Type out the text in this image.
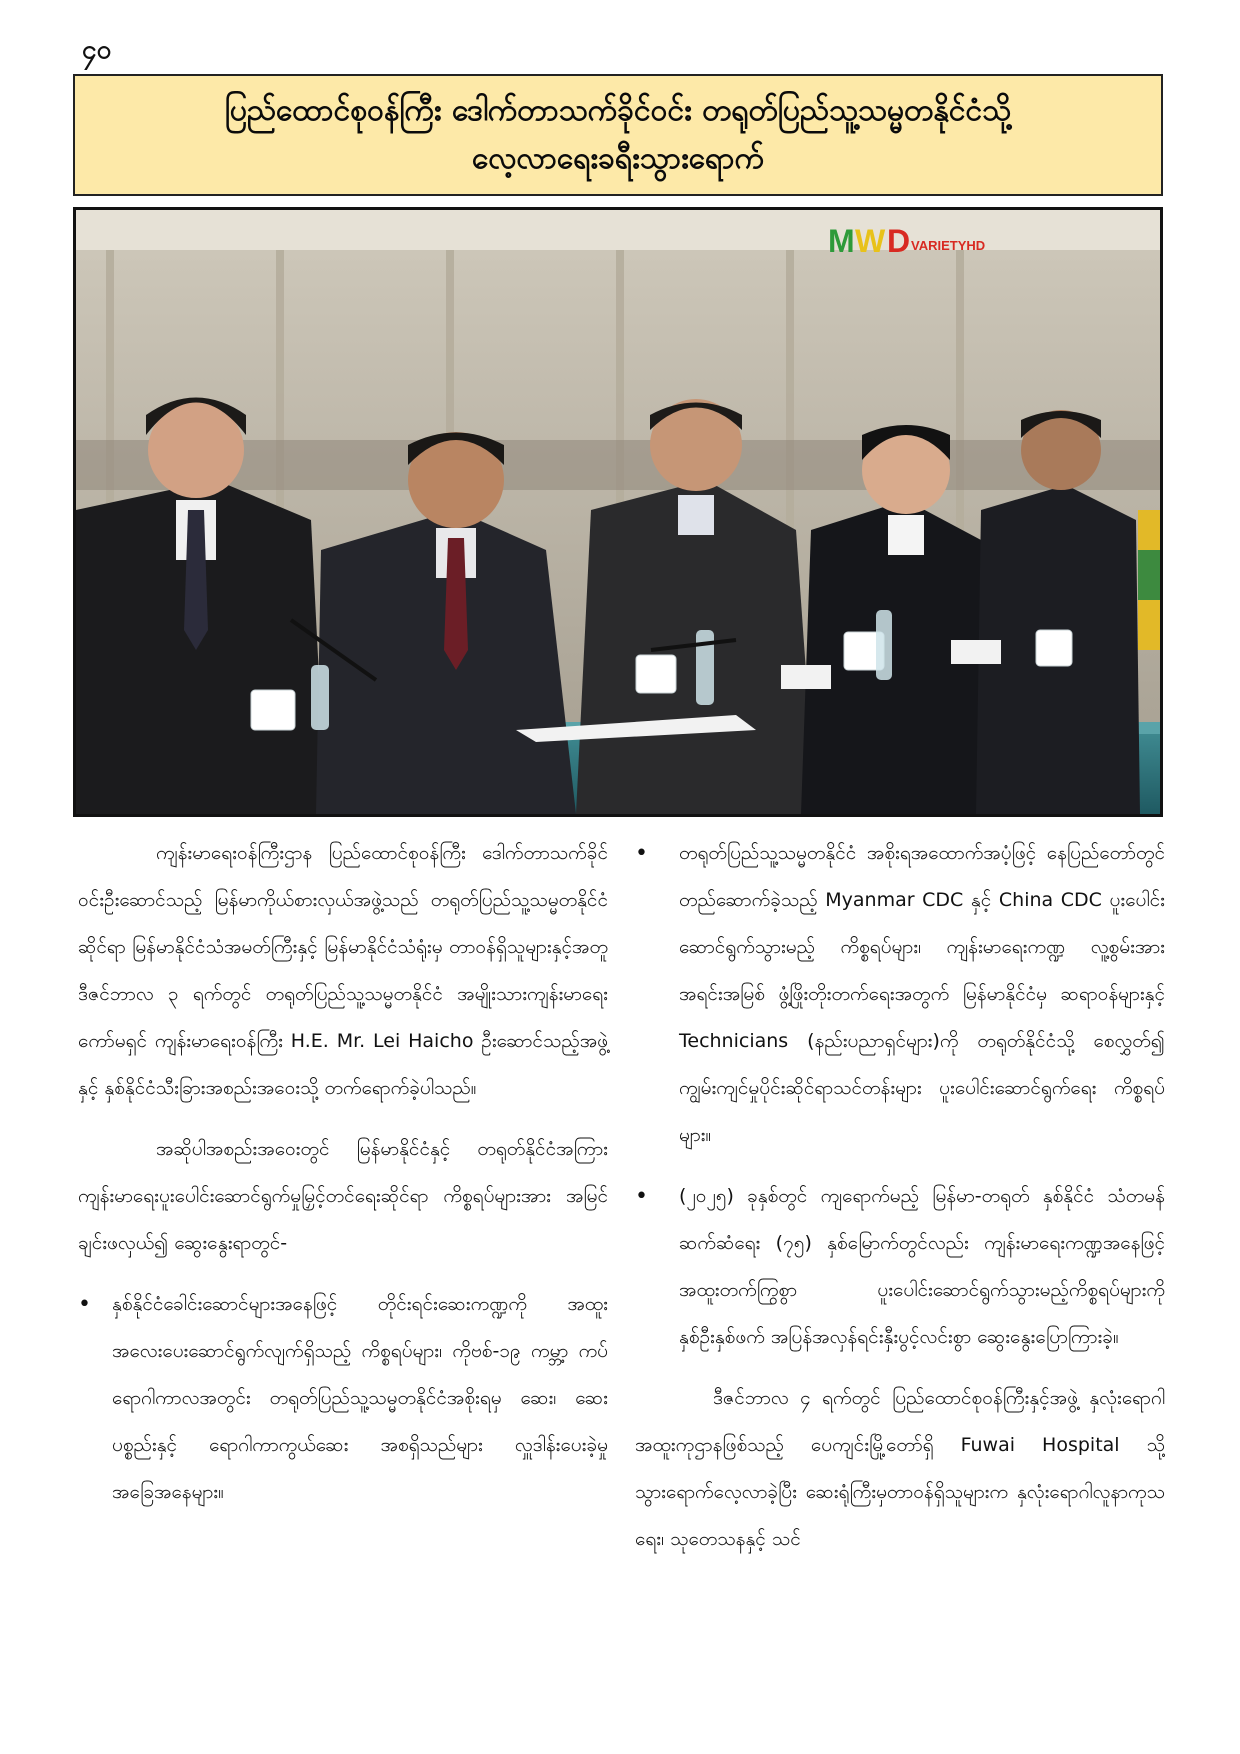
၄၀
ပြည်ထောင်စုဝန်ကြီး ဒေါက်တာသက်ခိုင်ဝင်း တရုတ်ပြည်သူ့သမ္မတနိုင်ငံသို့
လေ့လာရေးခရီးသွားရောက်
M W D VARIETYHD

ကျန်းမာရေးဝန်ကြီးဌာန ပြည်ထောင်စုဝန်ကြီး ဒေါက်တာသက်ခိုင်ဝင်းဦးဆောင်သည့် မြန်မာကိုယ်စားလှယ်အဖွဲ့သည် တရုတ်ပြည်သူ့သမ္မတနိုင်ငံဆိုင်ရာ မြန်မာနိုင်ငံသံအမတ်ကြီးနှင့် မြန်မာနိုင်ငံသံရုံးမှ တာဝန်ရှိသူများနှင့်အတူ ဒီဇင်ဘာလ ၃ ရက်တွင် တရုတ်ပြည်သူ့သမ္မတနိုင်ငံ အမျိုးသားကျန်းမာရေးကော်မရှင် ကျန်းမာရေးဝန်ကြီး H.E. Mr. Lei Haicho ဦးဆောင်သည့်အဖွဲ့နှင့် နှစ်နိုင်ငံသီးခြားအစည်းအဝေးသို့ တက်ရောက်ခဲ့ပါသည်။

အဆိုပါအစည်းအဝေးတွင် မြန်မာနိုင်ငံနှင့် တရုတ်နိုင်ငံအကြား ကျန်းမာရေးပူးပေါင်းဆောင်ရွက်မှုမြှင့်တင်ရေးဆိုင်ရာ ကိစ္စရပ်များအား အမြင်ချင်းဖလှယ်၍ ဆွေးနွေးရာတွင်-

•	နှစ်နိုင်ငံခေါင်းဆောင်များအနေဖြင့် တိုင်းရင်းဆေးကဏ္ဍကို အထူးအလေးပေးဆောင်ရွက်လျက်ရှိသည့် ကိစ္စရပ်များ၊ ကိုဗစ်-၁၉ ကမ္ဘာ့ ကပ်ရောဂါကာလအတွင်း တရုတ်ပြည်သူ့သမ္မတနိုင်ငံအစိုးရမှ ဆေး၊ ဆေးပစ္စည်းနှင့် ရောဂါကာကွယ်ဆေး အစရှိသည်များ လှူဒါန်းပေးခဲ့မှုအခြေအနေများ။
•	တရုတ်ပြည်သူ့သမ္မတနိုင်ငံ အစိုးရအထောက်အပံ့ဖြင့် နေပြည်တော်တွင် တည်ဆောက်ခဲ့သည့် Myanmar CDC နှင့် China CDC ပူးပေါင်းဆောင်ရွက်သွားမည့် ကိစ္စရပ်များ၊ ကျန်းမာရေးကဏ္ဍ လူ့စွမ်းအားအရင်းအမြစ် ဖွံ့ဖြိုးတိုးတက်ရေးအတွက် မြန်မာနိုင်ငံမှ ဆရာဝန်များနှင့် Technicians (နည်းပညာရှင်များ)ကို တရုတ်နိုင်ငံသို့ စေလွှတ်၍ ကျွမ်းကျင်မှုပိုင်းဆိုင်ရာသင်တန်းများ ပူးပေါင်းဆောင်ရွက်ရေး ကိစ္စရပ်များ။
•	(၂၀၂၅) ခုနှစ်တွင် ကျရောက်မည့် မြန်မာ-တရုတ် နှစ်နိုင်ငံ သံတမန်ဆက်ဆံရေး (၇၅) နှစ်မြောက်တွင်လည်း ကျန်းမာရေးကဏ္ဍအနေဖြင့် အထူးတက်ကြွစွာ ပူးပေါင်းဆောင်ရွက်သွားမည့်ကိစ္စရပ်များကို နှစ်ဦးနှစ်ဖက် အပြန်အလှန်ရင်းနှီးပွင့်လင်းစွာ ဆွေးနွေးပြောကြားခဲ့။

ဒီဇင်ဘာလ ၄ ရက်တွင် ပြည်ထောင်စုဝန်ကြီးနှင့်အဖွဲ့ နှလုံးရောဂါအထူးကုဌာနဖြစ်သည့် ပေကျင်းမြို့တော်ရှိ Fuwai Hospital သို့ သွားရောက်လေ့လာခဲ့ပြီး ဆေးရုံကြီးမှတာဝန်ရှိသူများက နှလုံးရောဂါလူနာကုသရေး၊ သုတေသနနှင့် သင်
